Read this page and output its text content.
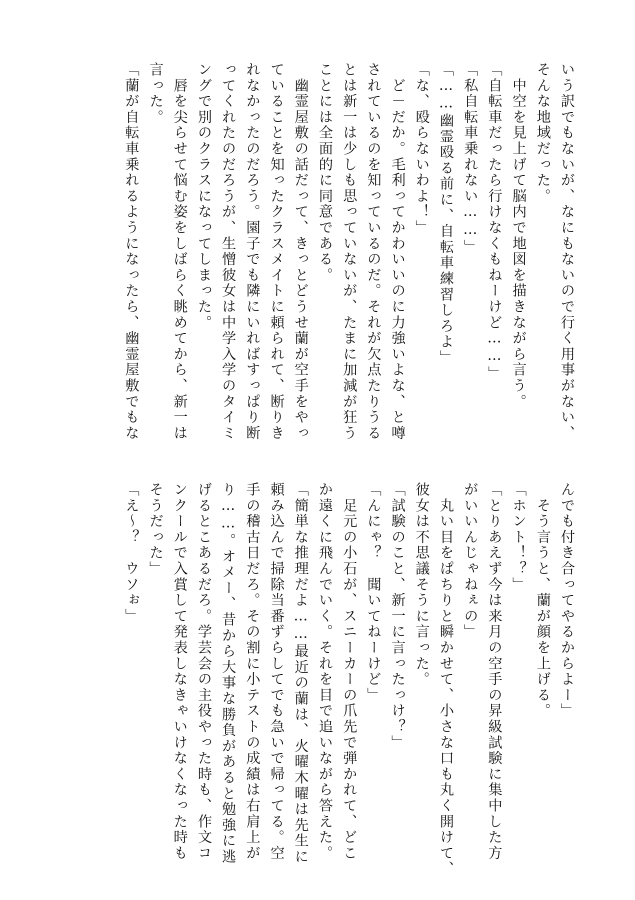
いう訳でもないが、なにもないので行く用事がない、
そんな地域だった。
　中空を見上げて脳内で地図を描きながら言う。
「自転車だったら行けなくもねーけど……」
「私自転車乗れない……」
「……幽霊殴る前に、自転車練習しろよ」
「な、殴らないわよ！」
　ど－だか。毛利ってかわいいのに力強いよな、と噂
されているのを知っているのだ。それが欠点たりうる
とは新一は少しも思っていないが、たまに加減が狂う
ことには全面的に同意である。
　幽霊屋敷の話だって、きっとどうせ蘭が空手をやっ
ていることを知ったクラスメイトに頼られて、断りき
れなかったのだろう。園子でも隣にいればすっぱり断
ってくれたのだろうが、生憎彼女は中学入学のタイミ
ングで別のクラスになってしまった。
　唇を尖らせて悩む姿をしばらく眺めてから、新一は
言った。
「蘭が自転車乗れるようになったら、幽霊屋敷でもな
んでも付き合ってやるからよー」
　そう言うと、蘭が顔を上げる。
「ホント！？」
「とりあえず今は来月の空手の昇級試験に集中した方
がいいんじゃねぇの」
　丸い目をぱちりと瞬かせて、小さな口も丸く開けて、
彼女は不思議そうに言った。
「試験のこと、新一に言ったっけ？」
「んにゃ？　聞いてねーけど」
　足元の小石が、スニーカーの爪先で弾かれて、どこ
か遠くに飛んでいく。それを目で追いながら答えた。
「簡単な推理だよ……最近の蘭は、火曜木曜は先生に
頼み込んで掃除当番ずらしてでも急いで帰ってる。空
手の稽古日だろ。その割に小テストの成績は右肩上が
り……。オメー、昔から大事な勝負があると勉強に逃
げるとこあるだろ。学芸会の主役やった時も、作文コ
ンクールで入賞して発表しなきゃいけなくなった時も
そうだった」
「え～？　ウソぉ」
